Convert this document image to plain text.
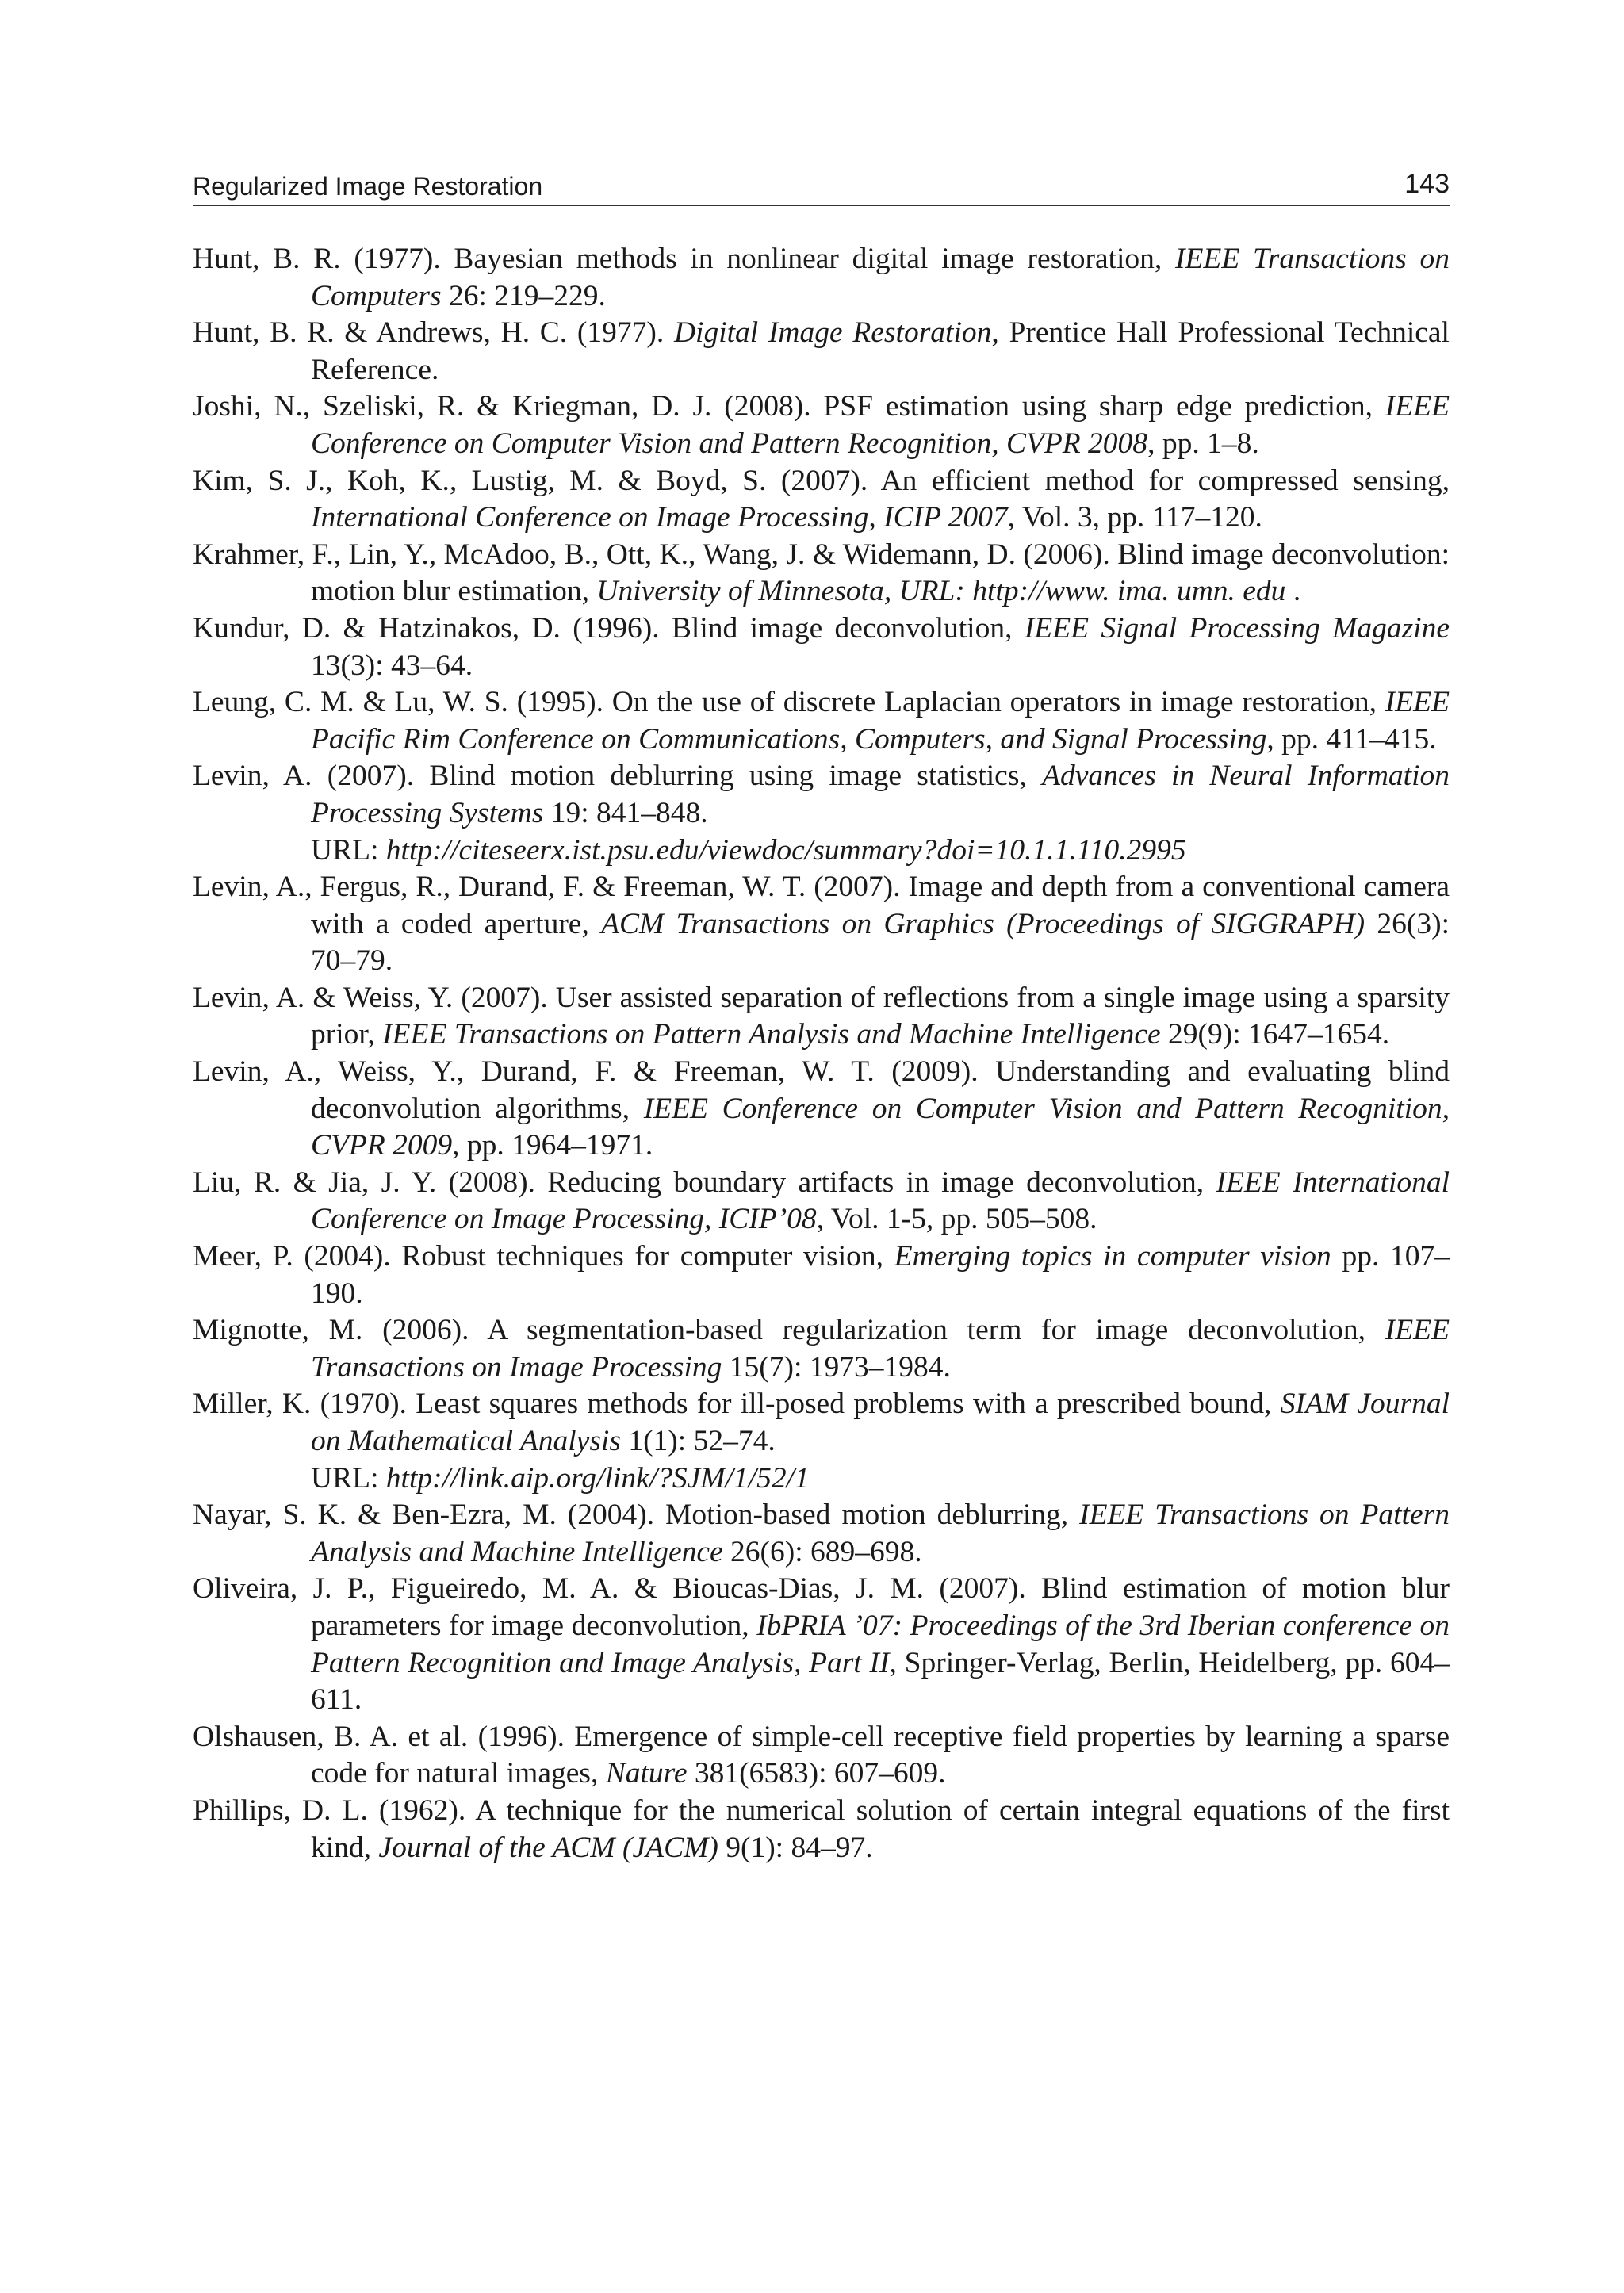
Regularized Image Restoration	143

Hunt, B. R. (1977). Bayesian methods in nonlinear digital image restoration, IEEE Transactions on Computers 26: 219–229.

Hunt, B. R. & Andrews, H. C. (1977). Digital Image Restoration, Prentice Hall Professional Technical Reference.

Joshi, N., Szeliski, R. & Kriegman, D. J. (2008). PSF estimation using sharp edge prediction, IEEE Conference on Computer Vision and Pattern Recognition, CVPR 2008, pp. 1–8.

Kim, S. J., Koh, K., Lustig, M. & Boyd, S. (2007). An efficient method for compressed sensing, International Conference on Image Processing, ICIP 2007, Vol. 3, pp. 117–120.

Krahmer, F., Lin, Y., McAdoo, B., Ott, K., Wang, J. & Widemann, D. (2006). Blind image deconvolution: motion blur estimation, University of Minnesota, URL: http://www. ima. umn. edu .

Kundur, D. & Hatzinakos, D. (1996). Blind image deconvolution, IEEE Signal Processing Magazine 13(3): 43–64.

Leung, C. M. & Lu, W. S. (1995). On the use of discrete Laplacian operators in image restoration, IEEE Pacific Rim Conference on Communications, Computers, and Signal Processing, pp. 411–415.

Levin, A. (2007). Blind motion deblurring using image statistics, Advances in Neural Information Processing Systems 19: 841–848.
URL: http://citeseerx.ist.psu.edu/viewdoc/summary?doi=10.1.1.110.2995

Levin, A., Fergus, R., Durand, F. & Freeman, W. T. (2007). Image and depth from a conventional camera with a coded aperture, ACM Transactions on Graphics (Proceedings of SIGGRAPH) 26(3): 70–79.

Levin, A. & Weiss, Y. (2007). User assisted separation of reflections from a single image using a sparsity prior, IEEE Transactions on Pattern Analysis and Machine Intelligence 29(9): 1647–1654.

Levin, A., Weiss, Y., Durand, F. & Freeman, W. T. (2009). Understanding and evaluating blind deconvolution algorithms, IEEE Conference on Computer Vision and Pattern Recognition, CVPR 2009, pp. 1964–1971.

Liu, R. & Jia, J. Y. (2008). Reducing boundary artifacts in image deconvolution, IEEE International Conference on Image Processing, ICIP’08, Vol. 1-5, pp. 505–508.

Meer, P. (2004). Robust techniques for computer vision, Emerging topics in computer vision pp. 107–190.

Mignotte, M. (2006). A segmentation-based regularization term for image deconvolution, IEEE Transactions on Image Processing 15(7): 1973–1984.

Miller, K. (1970). Least squares methods for ill-posed problems with a prescribed bound, SIAM Journal on Mathematical Analysis 1(1): 52–74.
URL: http://link.aip.org/link/?SJM/1/52/1

Nayar, S. K. & Ben-Ezra, M. (2004). Motion-based motion deblurring, IEEE Transactions on Pattern Analysis and Machine Intelligence 26(6): 689–698.

Oliveira, J. P., Figueiredo, M. A. & Bioucas-Dias, J. M. (2007). Blind estimation of motion blur parameters for image deconvolution, IbPRIA ’07: Proceedings of the 3rd Iberian conference on Pattern Recognition and Image Analysis, Part II, Springer-Verlag, Berlin, Heidelberg, pp. 604–611.

Olshausen, B. A. et al. (1996). Emergence of simple-cell receptive field properties by learning a sparse code for natural images, Nature 381(6583): 607–609.

Phillips, D. L. (1962). A technique for the numerical solution of certain integral equations of the first kind, Journal of the ACM (JACM) 9(1): 84–97.
